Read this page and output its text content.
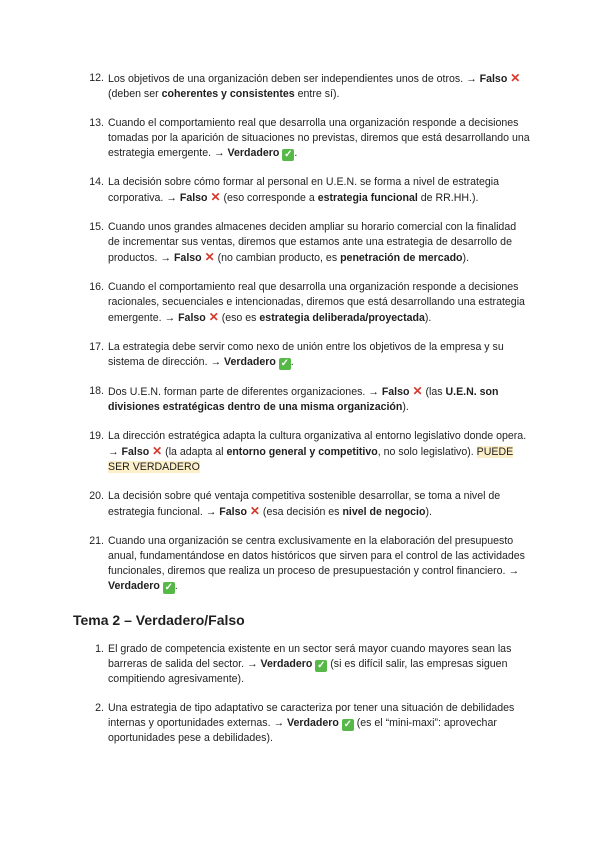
12. Los objetivos de una organización deben ser independientes unos de otros. → Falso ✕ (deben ser coherentes y consistentes entre sí).
13. Cuando el comportamiento real que desarrolla una organización responde a decisiones tomadas por la aparición de situaciones no previstas, diremos que está desarrollando una estrategia emergente. → Verdadero ✓ .
14. La decisión sobre cómo formar al personal en U.E.N. se forma a nivel de estrategia corporativa. → Falso ✕ (eso corresponde a estrategia funcional de RR.HH.).
15. Cuando unos grandes almacenes deciden ampliar su horario comercial con la finalidad de incrementar sus ventas, diremos que estamos ante una estrategia de desarrollo de productos. → Falso ✕ (no cambian producto, es penetración de mercado).
16. Cuando el comportamiento real que desarrolla una organización responde a decisiones racionales, secuenciales e intencionadas, diremos que está desarrollando una estrategia emergente. → Falso ✕ (eso es estrategia deliberada/proyectada).
17. La estrategia debe servir como nexo de unión entre los objetivos de la empresa y su sistema de dirección. → Verdadero ✓ .
18. Dos U.E.N. forman parte de diferentes organizaciones. → Falso ✕ (las U.E.N. son divisiones estratégicas dentro de una misma organización).
19. La dirección estratégica adapta la cultura organizativa al entorno legislativo donde opera. → Falso ✕ (la adapta al entorno general y competitivo, no solo legislativo). PUEDE SER VERDADERO
20. La decisión sobre qué ventaja competitiva sostenible desarrollar, se toma a nivel de estrategia funcional. → Falso ✕ (esa decisión es nivel de negocio).
21. Cuando una organización se centra exclusivamente en la elaboración del presupuesto anual, fundamentándose en datos históricos que sirven para el control de las actividades funcionales, diremos que realiza un proceso de presupuestación y control financiero. → Verdadero ✓ .
Tema 2 – Verdadero/Falso
1. El grado de competencia existente en un sector será mayor cuando mayores sean las barreras de salida del sector. → Verdadero ✓ (si es difícil salir, las empresas siguen compitiendo agresivamente).
2. Una estrategia de tipo adaptativo se caracteriza por tener una situación de debilidades internas y oportunidades externas. → Verdadero ✓ (es el “mini-maxi”: aprovechar oportunidades pese a debilidades).
